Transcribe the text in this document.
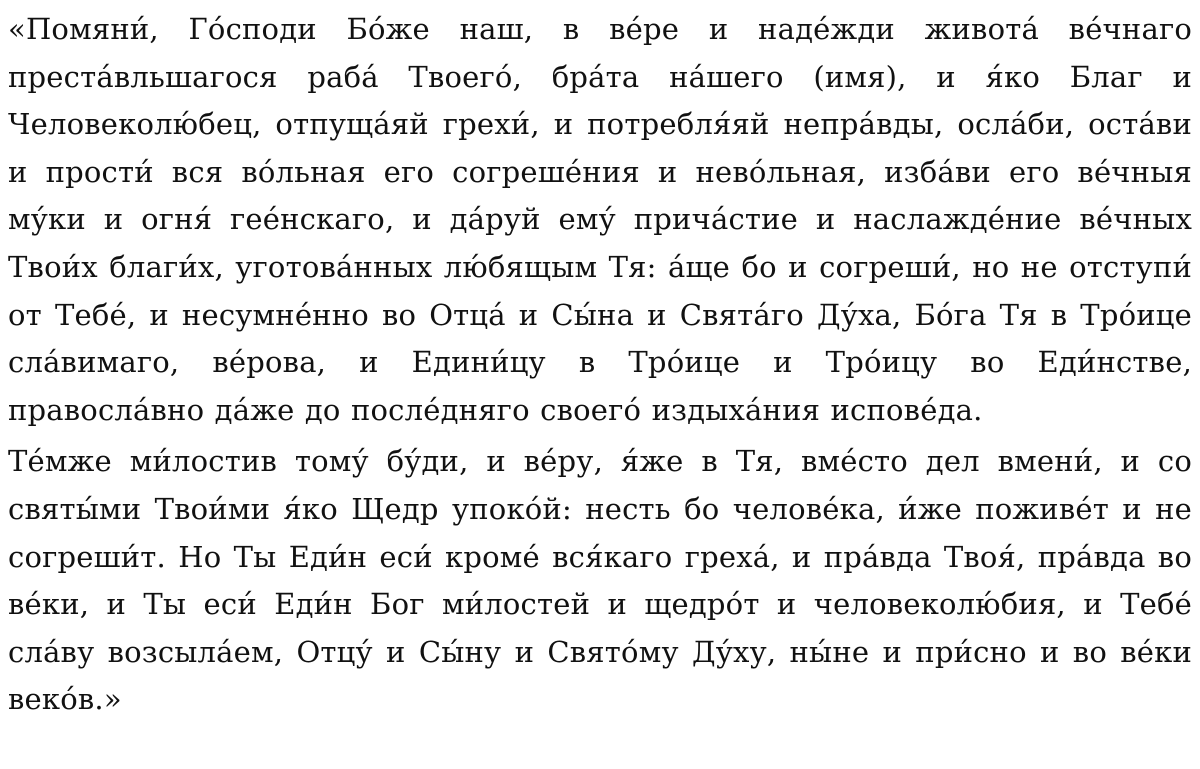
«Помяни́, Го́споди Бо́же наш, в ве́ре и наде́жди живота́ ве́чнаго преста́вльшагося раба́ Твоего́, бра́та на́шего (имя), и я́ко Благ и Человеколю́бец, отпуща́яй грехи́, и потребля́яй непра́вды, осла́би, оста́ви и прости́ вся во́льная его согреше́ния и нево́льная, изба́ви его ве́чныя му́ки и огня́ гее́нскаго, и да́руй ему́ прича́стие и наслажде́ние ве́чных Твои́х благи́х, уготова́нных лю́бящым Тя: а́ще бо и согреши́, но не отступи́ от Тебе́, и несумне́нно во Отца́ и Сы́на и Свята́го Ду́ха, Бо́га Тя в Тро́ице сла́вимаго, ве́рова, и Едини́цу в Тро́ице и Тро́ицу во Еди́нстве, правосла́вно да́же до после́дняго своего́ издыха́ния испове́да.

Те́мже ми́лостив тому́ бу́ди, и ве́ру, я́же в Тя, вме́сто дел вмени́, и со святы́ми Твои́ми я́ко Щедр упоко́й: несть бо челове́ка, и́же поживе́т и не согреши́т. Но Ты Еди́н еси́ кроме́ вся́каго греха́, и пра́вда Твоя́, пра́вда во ве́ки, и Ты еси́ Еди́н Бог ми́лостей и щедро́т и человеколю́бия, и Тебе́ сла́ву возсыла́ем, Отцу́ и Сы́ну и Свято́му Ду́ху, ны́не и при́сно и во ве́ки веко́в.»
